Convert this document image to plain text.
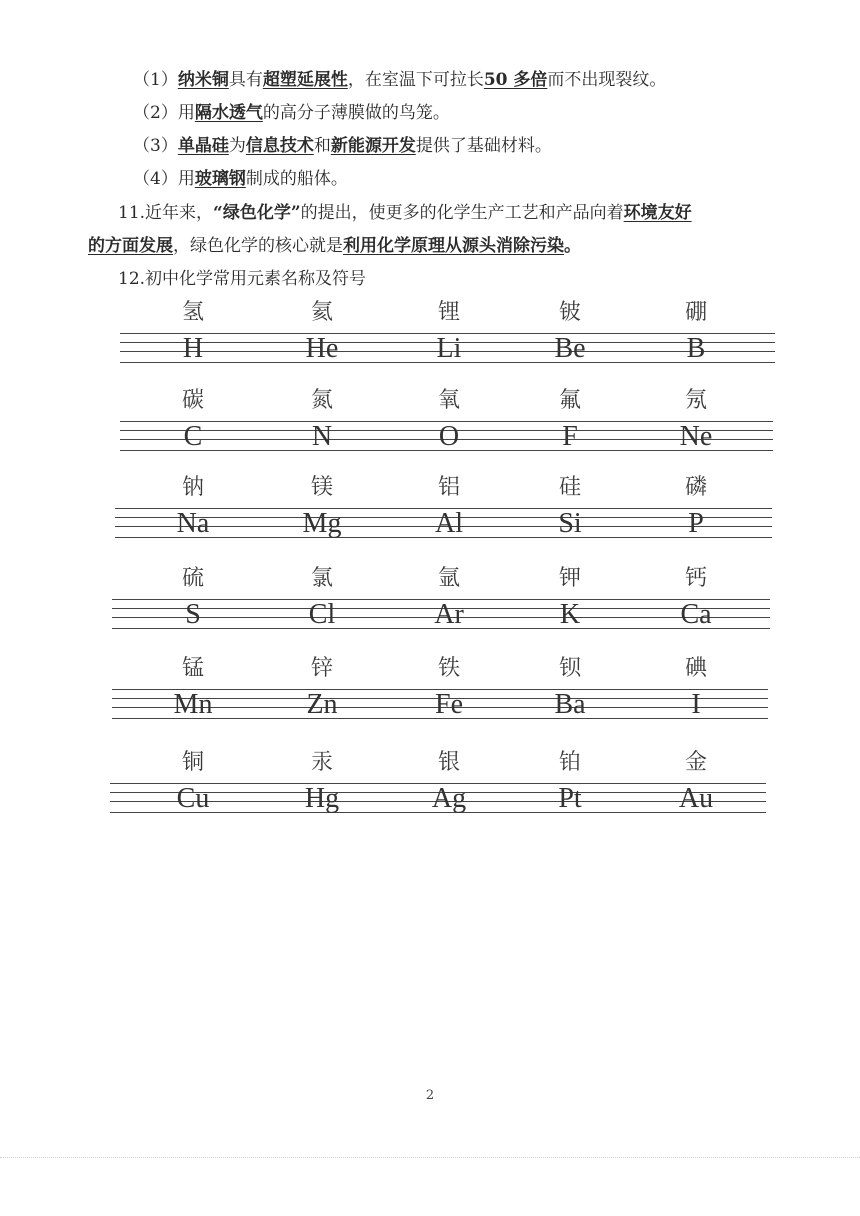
（1）纳米铜具有超塑延展性，在室温下可拉长50 多倍而不出现裂纹。
（2）用隔水透气的高分子薄膜做的鸟笼。
（3）单晶硅为信息技术和新能源开发提供了基础材料。
（4）用玻璃钢制成的船体。
11.近年来，“绿色化学”的提出，使更多的化学生产工艺和产品向着环境友好
的方面发展，绿色化学的核心就是利用化学原理从源头消除污染。
12.初中化学常用元素名称及符号
氢
H
氦
He
锂
Li
铍
Be
硼
B
碳
C
氮
N
氧
O
氟
F
氖
Ne
钠
Na
镁
Mg
铝
Al
硅
Si
磷
P
硫
S
氯
Cl
氩
Ar
钾
K
钙
Ca
锰
Mn
锌
Zn
铁
Fe
钡
Ba
碘
I
铜
Cu
汞
Hg
银
Ag
铂
Pt
金
Au
2
